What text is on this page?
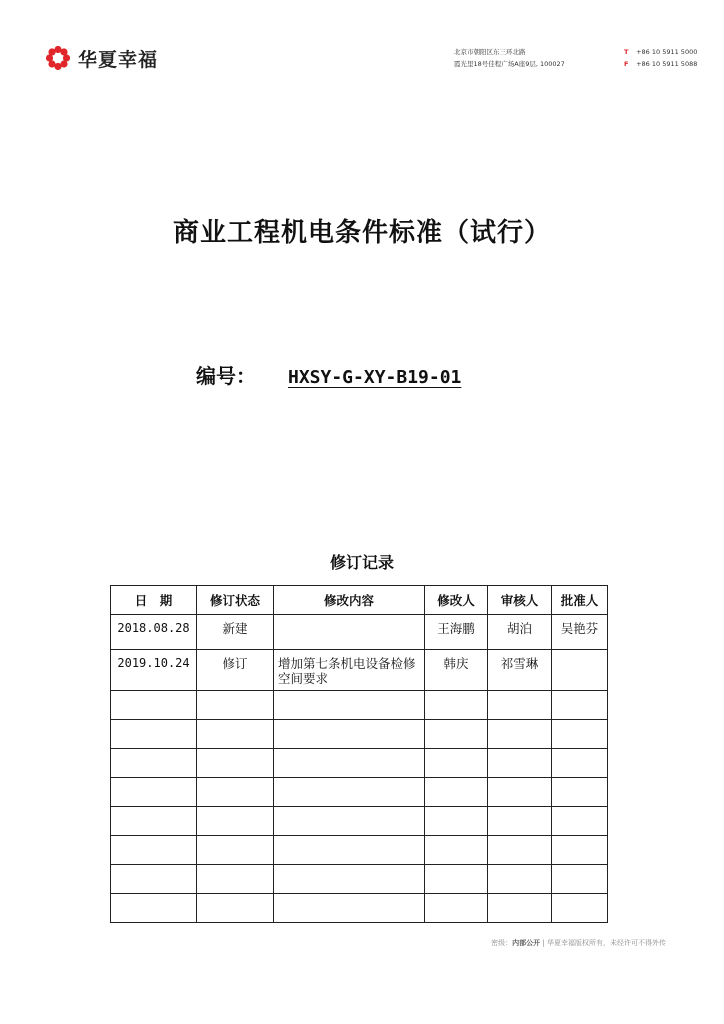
华夏幸福	北京市朝阳区东三环北路
霞光里18号佳程广场A座9层, 100027
T +86 10 5911 5000
F +86 10 5911 5088
商业工程机电条件标准（试行）
编号： HXSY-G-XY-B19-01
修订记录
日　期	修订状态	修改内容	修改人	审核人	批准人
2018.08.28	新建		王海鹏	胡泊	吴艳芬
2019.10.24	修订	增加第七条机电设备检修空间要求	韩庆	祁雪琳	

密级：内部公开 | 华夏幸福版权所有，未经许可不得外传
